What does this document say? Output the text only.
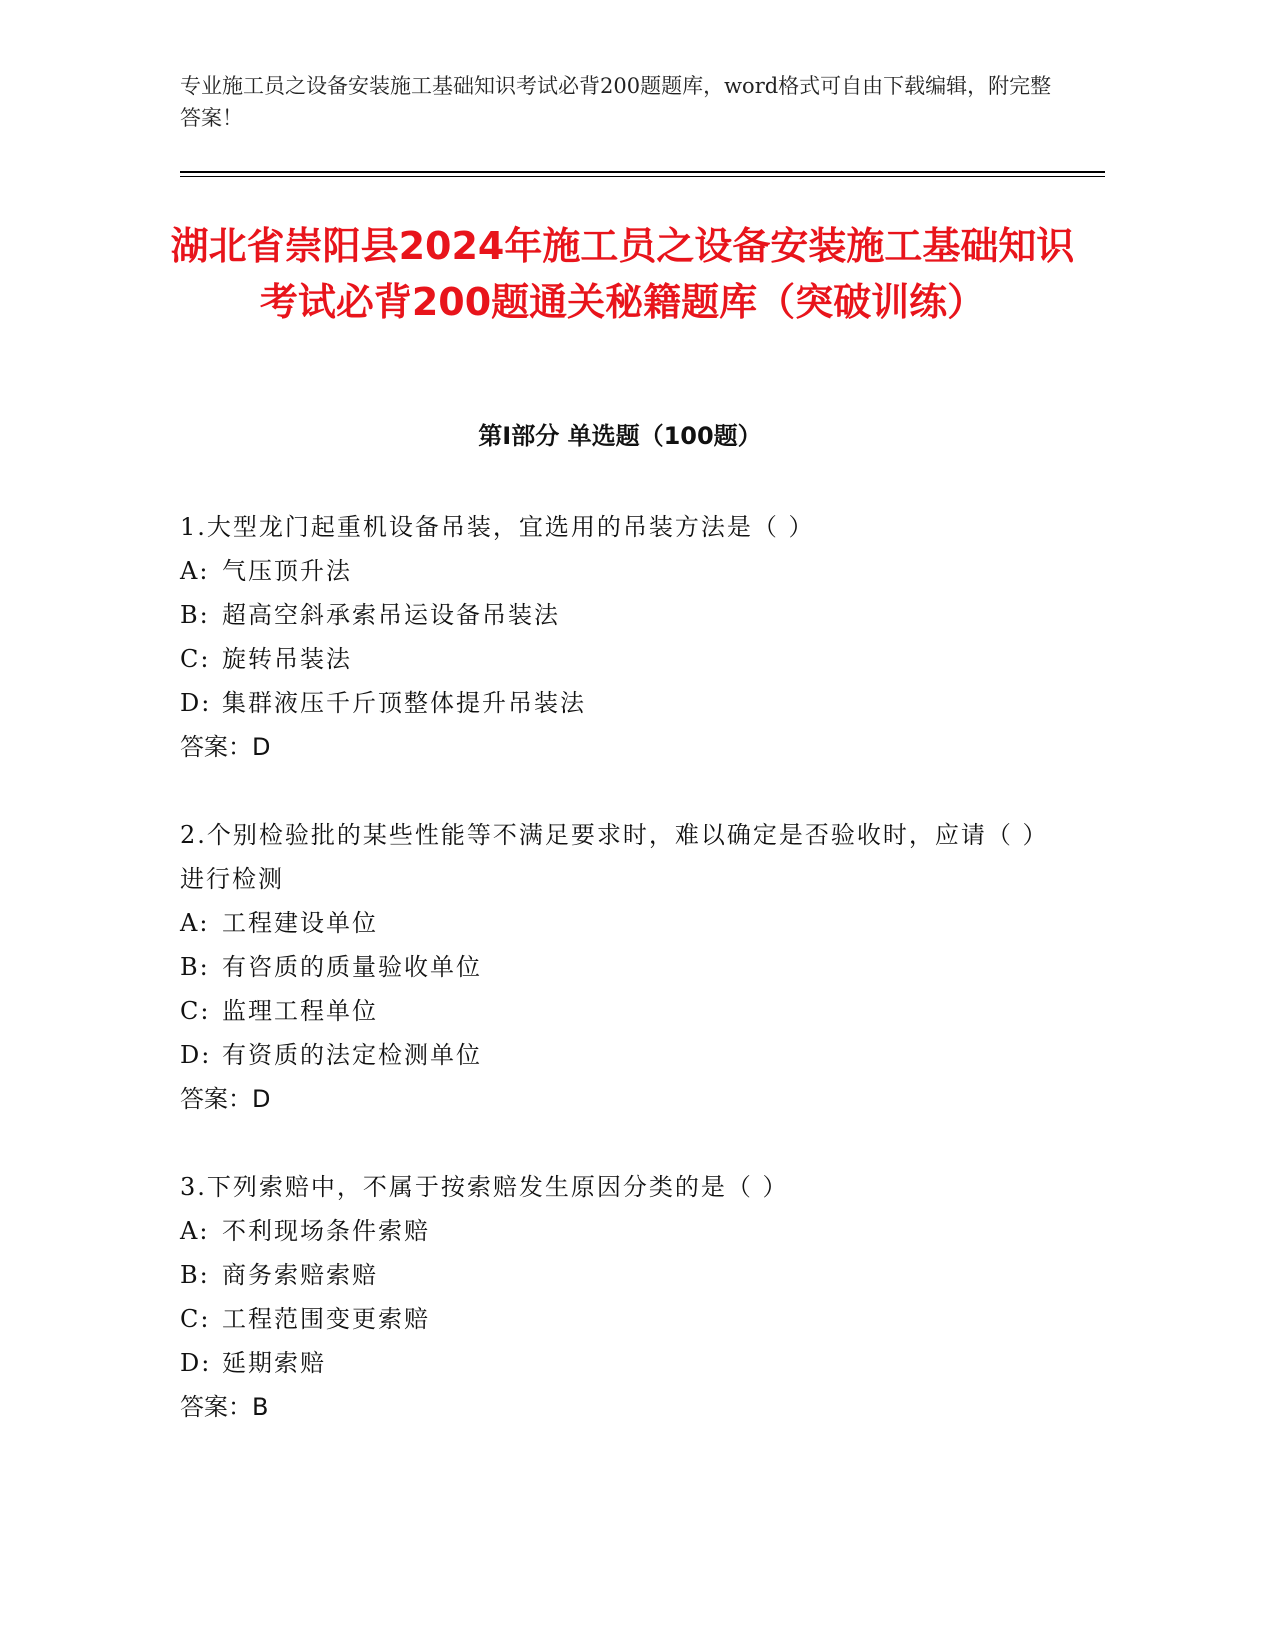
专业施工员之设备安装施工基础知识考试必背200题题库，word格式可自由下载编辑，附完整答案！
湖北省崇阳县2024年施工员之设备安装施工基础知识考试必背200题通关秘籍题库（突破训练）
第Ⅰ部分 单选题（100题）
1.大型龙门起重机设备吊装，宜选用的吊装方法是（ ）
A: 气压顶升法
B: 超高空斜承索吊运设备吊装法
C: 旋转吊装法
D: 集群液压千斤顶整体提升吊装法
答案：D
2.个别检验批的某些性能等不满足要求时，难以确定是否验收时，应请（ ）进行检测
A: 工程建设单位
B: 有咨质的质量验收单位
C: 监理工程单位
D: 有资质的法定检测单位
答案：D
3.下列索赔中，不属于按索赔发生原因分类的是（ ）
A: 不利现场条件索赔
B: 商务索赔索赔
C: 工程范围变更索赔
D: 延期索赔
答案：B
